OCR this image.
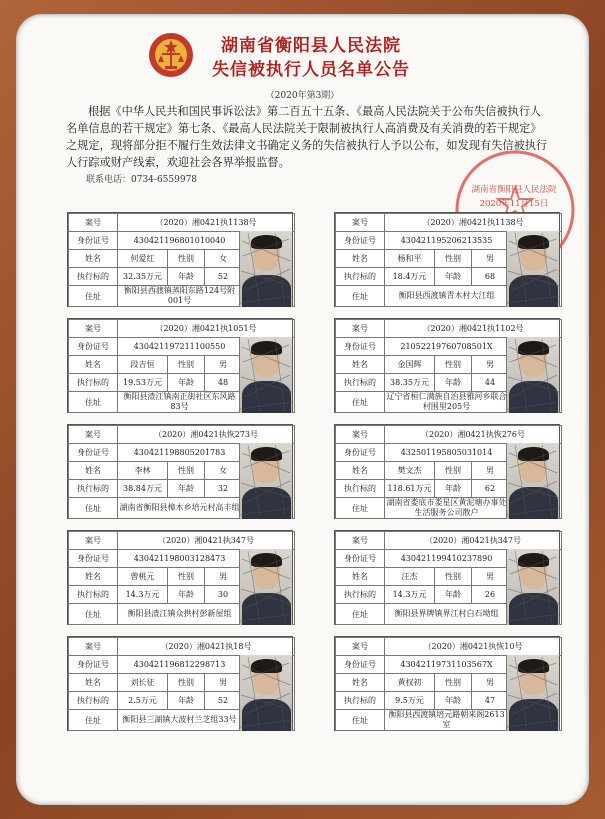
湖南省衡阳县人民法院
失信被执行人员名单公告
（2020年第3期）
根据《中华人民共和国民事诉讼法》第二百五十五条、《最高人民法院关于公布失信被执行人名单信息的若干规定》第七条、《最高人民法院关于限制被执行人高消费及有关消费的若干规定》之规定，现将部分拒不履行生效法律文书确定义务的失信被执行人予以公布，如发现有失信被执行人行踪或财产线索，欢迎社会各界举报监督。
联系电话：0734-6559978
湖南省衡阳县人民法院
2020年11月15日
案号	（2020）湘0421执1138号			
身份证号	430421196801010040			
姓名	何爱红	性别	女	
执行标的	32.35万元	年龄	52	
住址	衡阳县西渡镇蒸阳东路124号附001号			
案号	（2020）湘0421执1138号			
身份证号	430421195206213535			
姓名	杨和平	性别	男	
执行标的	18.4万元	年龄	68	
住址	衡阳县西渡镇青木村大江组			
案号	（2020）湘0421执1051号			
身份证号	430421197211100550			
姓名	段吉恒	性别	男	
执行标的	19.53万元	年龄	48	
住址	衡阳县渣江镇南正街社区东风路83号			
案号	（2020）湘0421执1102号			
身份证号	21052219760708501X			
姓名	金国辉	性别	男	
执行标的	38.35万元	年龄	44	
住址	辽宁省桓仁满族自治县雅河乡联合村围里205号			
案号	（2020）湘0421执恢273号			
身份证号	430421198805201783			
姓名	李林	性别	女	
执行标的	38.84万元	年龄	32	
住址	湖南省衡阳县樟木乡培元村高丰组			
案号	（2020）湘0421执恢276号			
身份证号	432501195805031014			
姓名	樊文杰	性别	男	
执行标的	118.61万元	年龄	62	
住址	湖南省娄底市娄星区黄泥塘办事处生活服务公司散户			
案号	（2020）湘0421执347号			
身份证号	430421198003128473			
姓名	曾桃元	性别	男	
执行标的	14.3万元	年龄	30	
住址	衡阳县渣江镇众拱村彭新屋组			
案号	（2020）湘0421执347号			
身份证号	430421199410237890			
姓名	汪杰	性别	男	
执行标的	14.3万元	年龄	26	
住址	衡阳县界牌镇界江村白石坳组			
案号	（2020）湘0421执18号			
身份证号	430421196812298713			
姓名	刘长征	性别	男	
执行标的	2.5万元	年龄	52	
住址	衡阳县三湖镇大波村兰芝组33号			
案号	（2020）湘0421执恢10号			
身份证号	430421197311035​67X			
姓名	黄权初	性别	男	
执行标的	9.5万元	年龄	47	
住址	衡阳县西渡镇培元路朝来阁2613室			
